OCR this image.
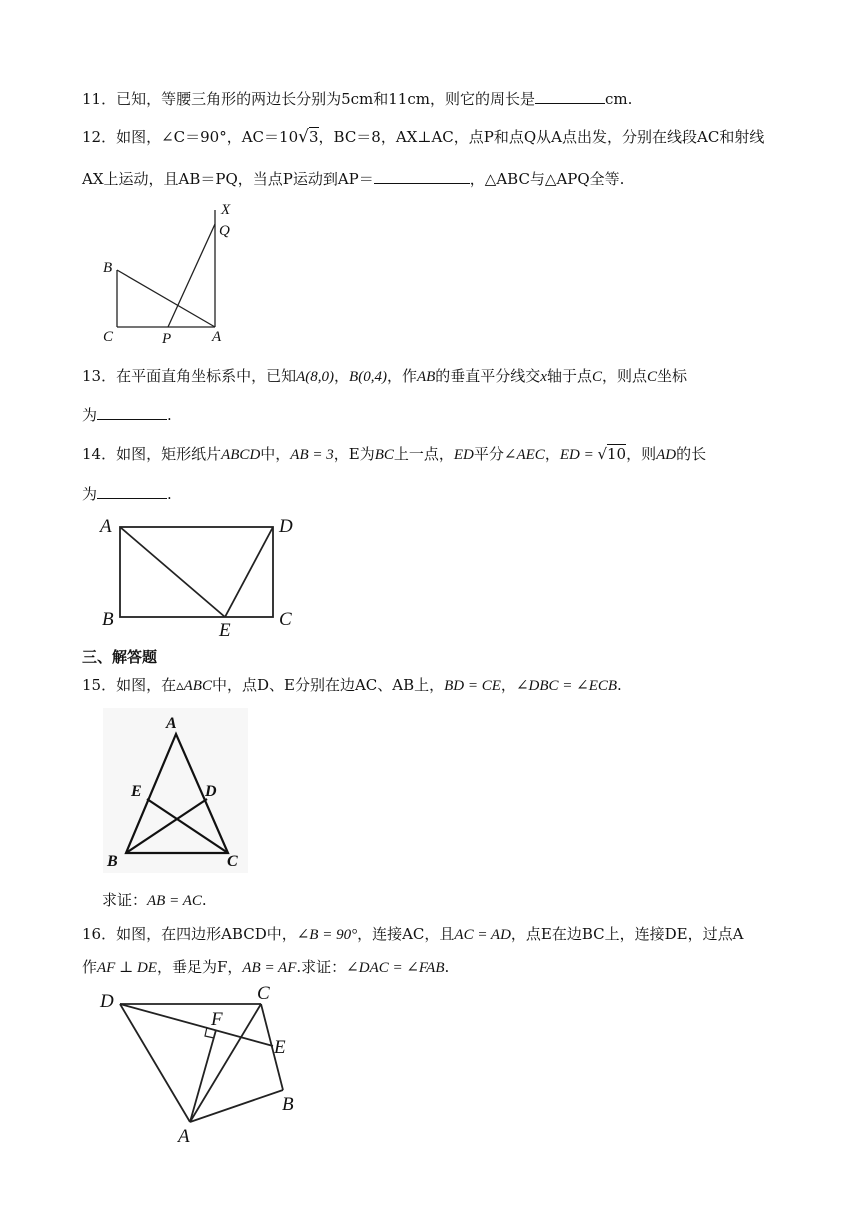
11．已知，等腰三角形的两边长分别为5cm和11cm，则它的周长是	cm.
12．如图，∠C＝90°，AC＝10√3，BC＝8，AX⊥AC，点P和点Q从A点出发，分别在线段AC和射线
AX上运动，且AB＝PQ，当点P运动到AP＝	，△ABC与△APQ全等.
X
Q
B
C	P	A
13．在平面直角坐标系中，已知A(8,0)，B(0,4)，作AB的垂直平分线交x轴于点C，则点C坐标
为	.
14．如图，矩形纸片ABCD中，AB = 3，E为BC上一点，ED平分∠AEC，ED = √10，则AD的长
为	.
A	D
B	C
E
三、解答题
15．如图，在▵ABC中，点D、E分别在边AC、AB上，BD = CE，∠DBC = ∠ECB.
A
E	D
B	C
求证：AB = AC.
16．如图，在四边形ABCD中，∠B = 90°，连接AC，且AC = AD，点E在边BC上，连接DE，过点A
作AF ⊥ DE，垂足为F，AB = AF.求证：∠DAC = ∠FAB.
D	C
F
E
B
A
